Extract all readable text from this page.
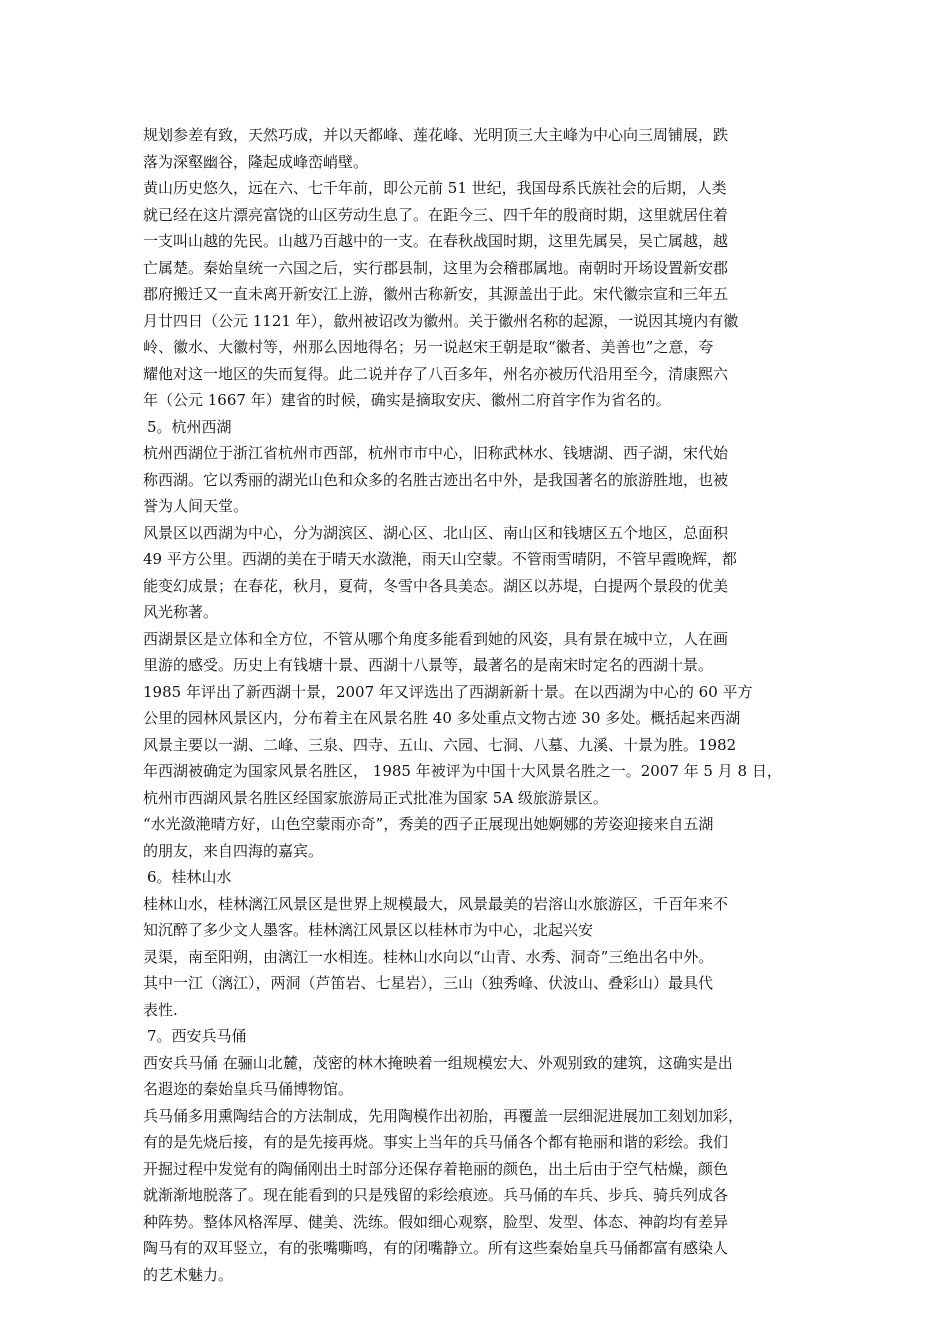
规划参差有致，天然巧成，并以天都峰、莲花峰、光明顶三大主峰为中心向三周铺展，跌
落为深壑幽谷，隆起成峰峦峭壁。

黄山历史悠久，远在六、七千年前，即公元前 51 世纪，我国母系氏族社会的后期，人类
就已经在这片漂亮富饶的山区劳动生息了。在距今三、四千年的殷商时期，这里就居住着
一支叫山越的先民。山越乃百越中的一支。在春秋战国时期，这里先属吴，吴亡属越，越
亡属楚。秦始皇统一六国之后，实行郡县制，这里为会稽郡属地。南朝时开场设置新安郡
郡府搬迁又一直未离开新安江上游，徽州古称新安，其源盖出于此。宋代徽宗宣和三年五
月廿四日（公元 1121 年），歙州被诏改为徽州。关于徽州名称的起源，一说因其境内有徽
岭、徽水、大徽村等，州那么因地得名；另一说赵宋王朝是取“徽者、美善也”之意，夸
耀他对这一地区的失而复得。此二说并存了八百多年，州名亦被历代沿用至今，清康熙六
年（公元 1667 年）建省的时候，确实是摘取安庆、徽州二府首字作为省名的。

5。杭州西湖

杭州西湖位于浙江省杭州市西部，杭州市市中心，旧称武林水、钱塘湖、西子湖，宋代始
称西湖。它以秀丽的湖光山色和众多的名胜古迹出名中外，是我国著名的旅游胜地，也被
誉为人间天堂。

风景区以西湖为中心，分为湖滨区、湖心区、北山区、南山区和钱塘区五个地区，总面积
49 平方公里。西湖的美在于晴天水潋滟，雨天山空蒙。不管雨雪晴阴，不管早霞晚辉，都
能变幻成景；在春花，秋月，夏荷，冬雪中各具美态。湖区以苏堤，白提两个景段的优美
风光称著。

西湖景区是立体和全方位，不管从哪个角度多能看到她的风姿，具有景在城中立，人在画
里游的感受。历史上有钱塘十景、西湖十八景等，最著名的是南宋时定名的西湖十景。
1985 年评出了新西湖十景，2007 年又评选出了西湖新新十景。在以西湖为中心的 60 平方
公里的园林风景区内，分布着主在风景名胜 40 多处重点文物古迹 30 多处。概括起来西湖
风景主要以一湖、二峰、三泉、四寺、五山、六园、七洞、八墓、九溪、十景为胜。1982
年西湖被确定为国家风景名胜区， 1985 年被评为中国十大风景名胜之一。2007 年 5 月 8 日，
杭州市西湖风景名胜区经国家旅游局正式批准为国家 5A 级旅游景区。

“水光潋滟晴方好，山色空蒙雨亦奇”，秀美的西子正展现出她婀娜的芳姿迎接来自五湖
的朋友，来自四海的嘉宾。

6。桂林山水

桂林山水，桂林漓江风景区是世界上规模最大，风景最美的岩溶山水旅游区，千百年来不
知沉醉了多少文人墨客。桂林漓江风景区以桂林市为中心，北起兴安
灵渠，南至阳朔，由漓江一水相连。桂林山水向以“山青、水秀、洞奇”三绝出名中外。
其中一江（漓江），两洞（芦笛岩、七星岩），三山（独秀峰、伏波山、叠彩山）最具代
表性.

7。西安兵马俑

西安兵马俑 在骊山北麓，茂密的林木掩映着一组规模宏大、外观别致的建筑，这确实是出
名遐迩的秦始皇兵马俑博物馆。

兵马俑多用熏陶结合的方法制成，先用陶模作出初胎，再覆盖一层细泥进展加工刻划加彩，
有的是先烧后接，有的是先接再烧。事实上当年的兵马俑各个都有艳丽和谐的彩绘。我们
开掘过程中发觉有的陶俑刚出土时部分还保存着艳丽的颜色，出土后由于空气枯燥，颜色
就渐渐地脱落了。现在能看到的只是残留的彩绘痕迹。兵马俑的车兵、步兵、骑兵列成各
种阵势。整体风格浑厚、健美、洗练。假如细心观察，脸型、发型、体态、神韵均有差异
陶马有的双耳竖立，有的张嘴嘶鸣，有的闭嘴静立。所有这些秦始皇兵马俑都富有感染人
的艺术魅力。
